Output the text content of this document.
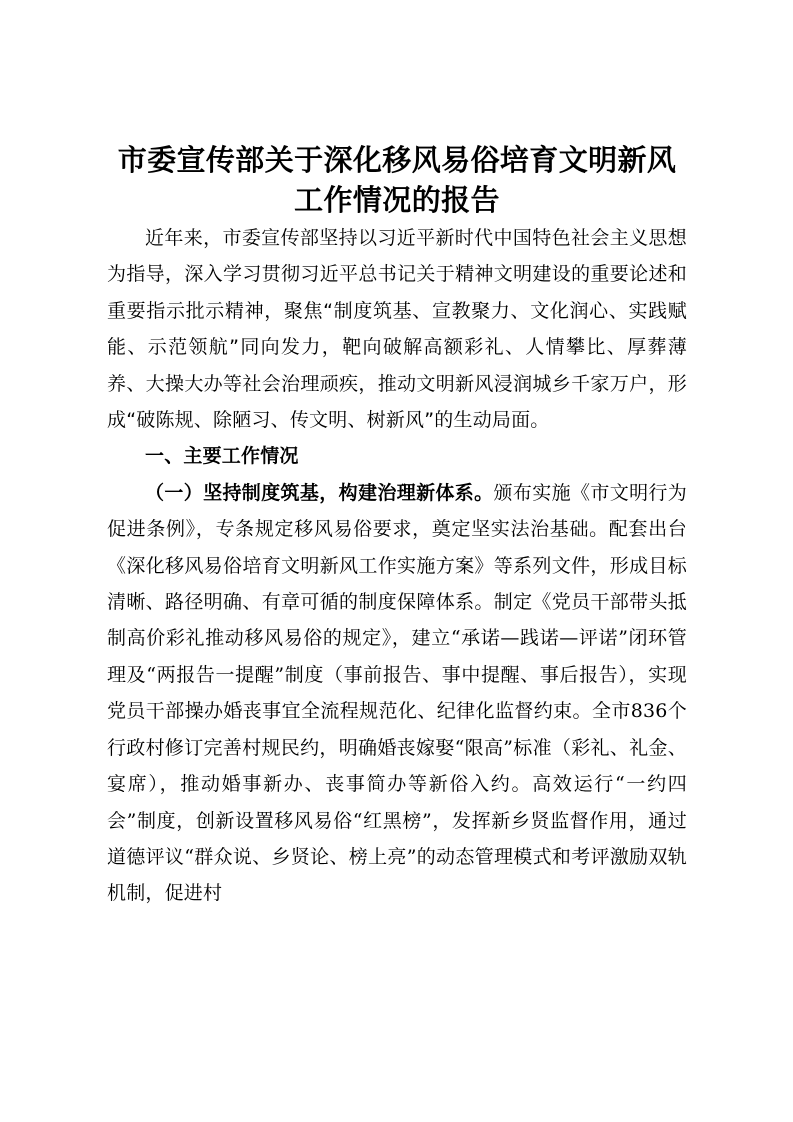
市委宣传部关于深化移风易俗培育文明新风工作情况的报告

近年来，市委宣传部坚持以习近平新时代中国特色社会主义思想为指导，深入学习贯彻习近平总书记关于精神文明建设的重要论述和重要指示批示精神，聚焦“制度筑基、宣教聚力、文化润心、实践赋能、示范领航”同向发力，靶向破解高额彩礼、人情攀比、厚葬薄养、大操大办等社会治理顽疾，推动文明新风浸润城乡千家万户，形成“破陈规、除陋习、传文明、树新风”的生动局面。

一、主要工作情况

（一）坚持制度筑基，构建治理新体系。颁布实施《市文明行为促进条例》，专条规定移风易俗要求，奠定坚实法治基础。配套出台《深化移风易俗培育文明新风工作实施方案》等系列文件，形成目标清晰、路径明确、有章可循的制度保障体系。制定《党员干部带头抵制高价彩礼推动移风易俗的规定》，建立“承诺—践诺—评诺”闭环管理及“两报告一提醒”制度（事前报告、事中提醒、事后报告），实现党员干部操办婚丧事宜全流程规范化、纪律化监督约束。全市836个行政村修订完善村规民约，明确婚丧嫁娶“限高”标准（彩礼、礼金、宴席），推动婚事新办、丧事简办等新俗入约。高效运行“一约四会”制度，创新设置移风易俗“红黑榜”，发挥新乡贤监督作用，通过道德评议“群众说、乡贤论、榜上亮”的动态管理模式和考评激励双轨机制，促进村
